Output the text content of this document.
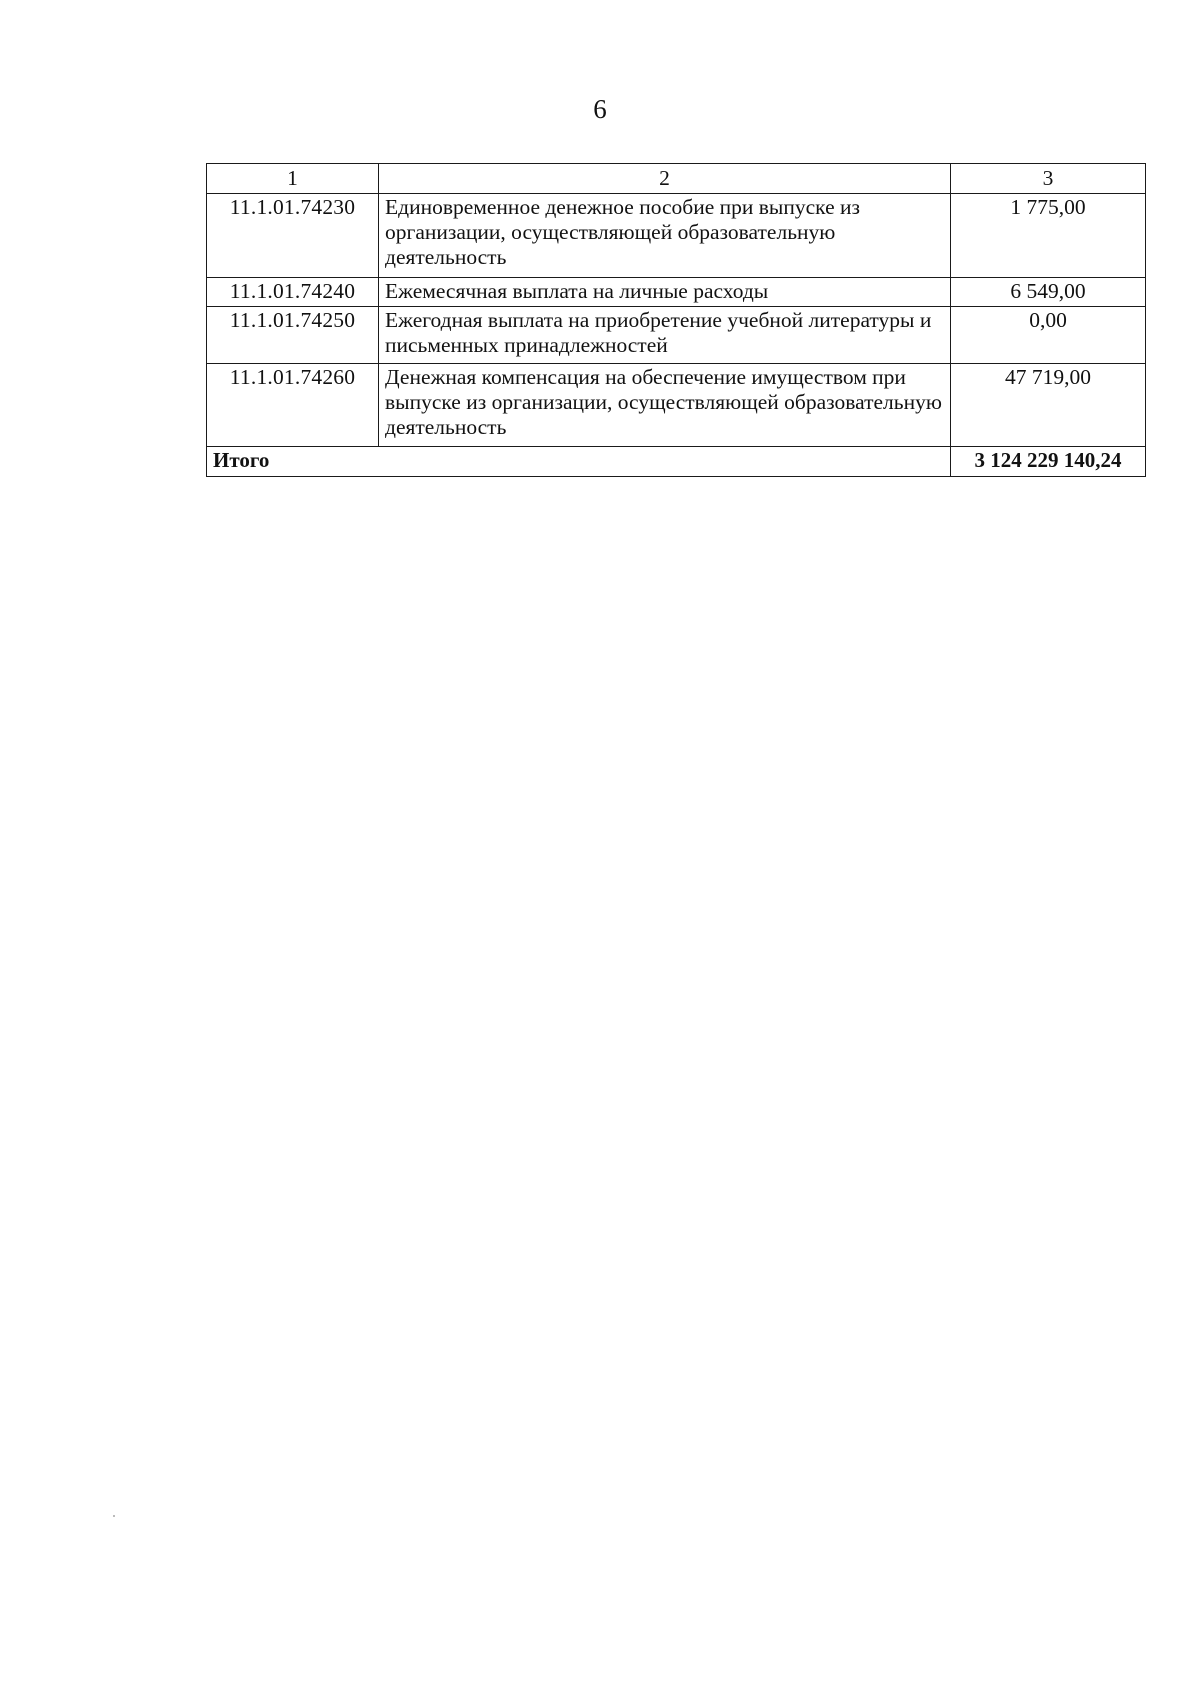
6
1	2	3
11.1.01.74230	Единовременное денежное пособие при выпуске из организации, осуществляющей образовательную деятельность	1 775,00
11.1.01.74240	Ежемесячная выплата на личные расходы	6 549,00
11.1.01.74250	Ежегодная выплата на приобретение учебной литературы и письменных принадлежностей	0,00
11.1.01.74260	Денежная компенсация на обеспечение имуществом при выпуске из организации, осуществляющей образовательную деятельность	47 719,00
Итого		3 124 229 140,24
